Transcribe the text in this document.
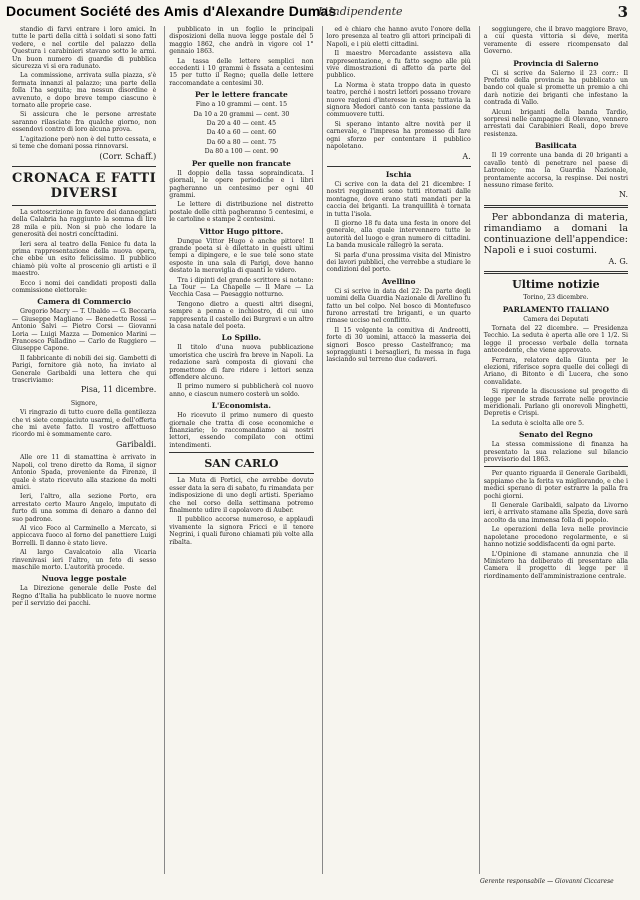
Document Société des Amis d'Alexandre Dumas
L'Indipendente	3

standio di farvi entrare i loro amici. In tutte le parti della città i soldati si sono fatti vedere, e nel cortile del palazzo della Questura i carabinieri stavano sotto le armi. Un buon numero di guardie di pubblica sicurezza vi si era radunato.

La commissione, arrivata sulla piazza, s'è fermata innanzi al palazzo; una parte della folla l'ha seguita; ma nessun disordine è avvenuto, e dopo breve tempo ciascuno è tornato alle proprie case.

Si assicura che le persone arrestate saranno rilasciate fra qualche giorno, non essendovi contro di loro alcuna prova.

L'agitazione però non è del tutto cessata, e si teme che domani possa rinnovarsi.

(Corr. Schaff.)
CRONACA E FATTI DIVERSI

La sottoscrizione in favore dei danneggiati della Calabria ha raggiunto la somma di lire 28 mila e più. Non si può che lodare la generosità dei nostri concittadini.

Ieri sera al teatro della Fenice fu data la prima rappresentazione della nuova opera, che ebbe un esito felicissimo. Il pubblico chiamò più volte al proscenio gli artisti e il maestro.

Ecco i nomi dei candidati proposti dalla commissione elettorale:

Camera di Commercio

Gregorio Macry — T. Ubaldo — G. Beccaria — Giuseppe Magliano — Benedetto Rossi — Antonio Salvi — Pietro Corsi — Giovanni Loria — Luigi Mazza — Domenico Marini — Francesco Palladino — Carlo de Ruggiero — Giuseppe Capone.

Il fabbricante di nobili dei sig. Gambetti di Parigi, fornitore già noto, ha inviato al Generale Garibaldi una lettera che qui trascriviamo:

Pisa, 11 dicembre.

Signore,

Vi ringrazio di tutto cuore della gentilezza che vi siete compiaciuto usarmi, e dell'offerta che mi avete fatto. Il vostro affettuoso ricordo mi è sommamente caro.

Garibaldi.

Alle ore 11 di stamattina è arrivato in Napoli, col treno diretto da Roma, il signor Antonio Spada, proveniente da Firenze, il quale è stato ricevuto alla stazione da molti amici.

Ieri, l'altro, alla sezione Porto, era arrestato certo Mauro Angelo, imputato di furto di una somma di denaro a danno del suo padrone.

Al vico Foco al Carminello a Mercato, si appiccava fuoco al forno del panettiere Luigi Borrelli. Il danno è stato lieve.

Al largo Cavalcatoio alla Vicaria rinvenivasi ieri l'altro, un feto di sesso maschile morto. L'autorità procede.

Nuova legge postale

La Direzione generale delle Poste del Regno d'Italia ha pubblicato le nuove norme per il servizio dei pacchi.

pubblicato in un foglio le principali disposizioni della nuova legge postale del 5 maggio 1862, che andrà in vigore col 1° gennaio 1863.

La tassa delle lettere semplici non eccedenti i 10 grammi è fissata a centesimi 15 per tutto il Regno; quella delle lettere raccomandate a centesimi 30.

Per le lettere francate

Fino a 10 grammi — cent. 15

Da 10 a 20 grammi — cent. 30

Da 20 a 40 — cent. 45

Da 40 a 60 — cent. 60

Da 60 a 80 — cent. 75

Da 80 a 100 — cent. 90

Per quelle non francate

Il doppio della tassa sopraindicata. I giornali, le opere periodiche e i libri pagheranno un centesimo per ogni 40 grammi.

Le lettere di distribuzione nel distretto postale delle città pagheranno 5 centesimi, e le cartoline e stampe 2 centesimi.

Vittor Hugo pittore.

Dunque Vittor Hugo è anche pittore! Il grande poeta si è dilettato in questi ultimi tempi a dipingere, e le sue tele sono state esposte in una sala di Parigi, dove hanno destato la meraviglia di quanti le videro.

Tra i dipinti del grande scrittore si notano: La Tour — La Chapelle — Il Mare — La Vecchia Casa — Paesaggio notturno.

Tengono dietro a questi altri disegni, sempre a penna e inchiostro, di cui uno rappresenta il castello dei Burgravi e un altro la casa natale del poeta.

Lo Spillo.

Il titolo d'una nuova pubblicazione umoristica che uscirà fra breve in Napoli. La redazione sarà composta di giovani che promettono di fare ridere i lettori senza offendere alcuno.

Il primo numero si pubblicherà col nuovo anno, e ciascun numero costerà un soldo.

L'Economista.

Ho ricevuto il primo numero di questo giornale che tratta di cose economiche e finanziarie; lo raccomandiamo ai nostri lettori, essendo compilato con ottimi intendimenti.

SAN CARLO

La Muta di Portici, che avrebbe dovuto esser data la sera di sabato, fu rimandata per indisposizione di uno degli artisti. Speriamo che nel corso della settimana potremo finalmente udire il capolavoro di Auber.

Il pubblico accorse numeroso, e applaudì vivamente la signora Fricci e il tenore Negrini, i quali furono chiamati più volte alla ribalta.

ed è chiaro che hanno avuto l'onore della loro presenza al teatro gli attori principali di Napoli, e i più eletti cittadini.

Il maestro Mercadante assisteva alla rappresentazione, e fu fatto segno alle più vive dimostrazioni di affetto da parte del pubblico.

La Norma è stata troppo data in questo teatro, perché i nostri lettori possano trovare nuove ragioni d'interesse in essa; tuttavia la signora Medori cantò con tanta passione da commuovere tutti.

Si sperano intanto altre novità per il carnevale, e l'impresa ha promesso di fare ogni sforzo per contentare il pubblico napoletano.

A.
Ischia

Ci scrive con la data del 21 dicembre: I nostri reggimenti sono tutti ritornati dalle montagne, dove erano stati mandati per la caccia dei briganti. La tranquillità è tornata in tutta l'isola.

Il giorno 18 fu data una festa in onore del generale, alla quale intervennero tutte le autorità del luogo e gran numero di cittadini. La banda musicale rallegrò la serata.

Si parla d'una prossima visita del Ministro dei lavori pubblici, che verrebbe a studiare le condizioni del porto.

Avellino

Ci si scrive in data del 22: Da parte degli uomini della Guardia Nazionale di Avellino fu fatto un bel colpo. Nel bosco di Montefusco furono arrestati tre briganti, e un quarto rimase ucciso nel conflitto.

Il 15 volgente la comitiva di Andreotti, forte di 30 uomini, attaccò la masseria dei signori Bosco presso Castelfranco; ma sopraggiunti i bersaglieri, fu messa in fuga lasciando sul terreno due cadaveri.

soggiungere, che il bravo maggiore Bravo, a cui questa vittoria si deve, merita veramente di essere ricompensato dal Governo.

Provincia di Salerno

Ci si scrive da Salerno il 23 corr.: Il Prefetto della provincia ha pubblicato un bando col quale si promette un premio a chi darà notizie dei briganti che infestano la contrada di Vallo.

Alcuni briganti della banda Tardio, sorpresi nelle campagne di Olevano, vennero arrestati dai Carabinieri Reali, dopo breve resistenza.

Basilicata

Il 19 corrente una banda di 20 briganti a cavallo tentò di penetrare nel paese di Latronico; ma la Guardia Nazionale, prontamente accorsa, la respinse. Dei nostri nessuno rimase ferito.

N.

Per abbondanza di materia, rimandiamo a domani la continuazione dell'appendice: Napoli e i suoi costumi.

A. G.
Ultime notizie

Torino, 23 dicembre.

PARLAMENTO ITALIANO

Camera dei Deputati

Tornata del 22 dicembre. — Presidenza Tecchio. La seduta è aperta alle ore 1 1/2. Si legge il processo verbale della tornata antecedente, che viene approvato.

Ferrara, relatore della Giunta per le elezioni, riferisce sopra quelle dei collegi di Ariano, di Bitonto e di Lucera, che sono convalidate.

Si riprende la discussione sul progetto di legge per le strade ferrate nelle provincie meridionali. Parlano gli onorevoli Minghetti, Depretis e Crispi.

La seduta è sciolta alle ore 5.

Senato del Regno

La stessa commissione di finanza ha presentato la sua relazione sul bilancio provvisorio del 1863.

Per quanto riguarda il Generale Garibaldi, sappiamo che la ferita va migliorando, e che i medici sperano di poter estrarre la palla fra pochi giorni.

Il Generale Garibaldi, salpato da Livorno ieri, è arrivato stamane alla Spezia, dove sarà accolto da una immensa folla di popolo.

Le operazioni della leva nelle provincie napoletane procedono regolarmente, e si hanno notizie soddisfacenti da ogni parte.

L'Opinione di stamane annunzia che il Ministero ha deliberato di presentare alla Camera il progetto di legge per il riordinamento dell'amministrazione centrale.

Gerente responsabile — Giovanni Ciccarese
